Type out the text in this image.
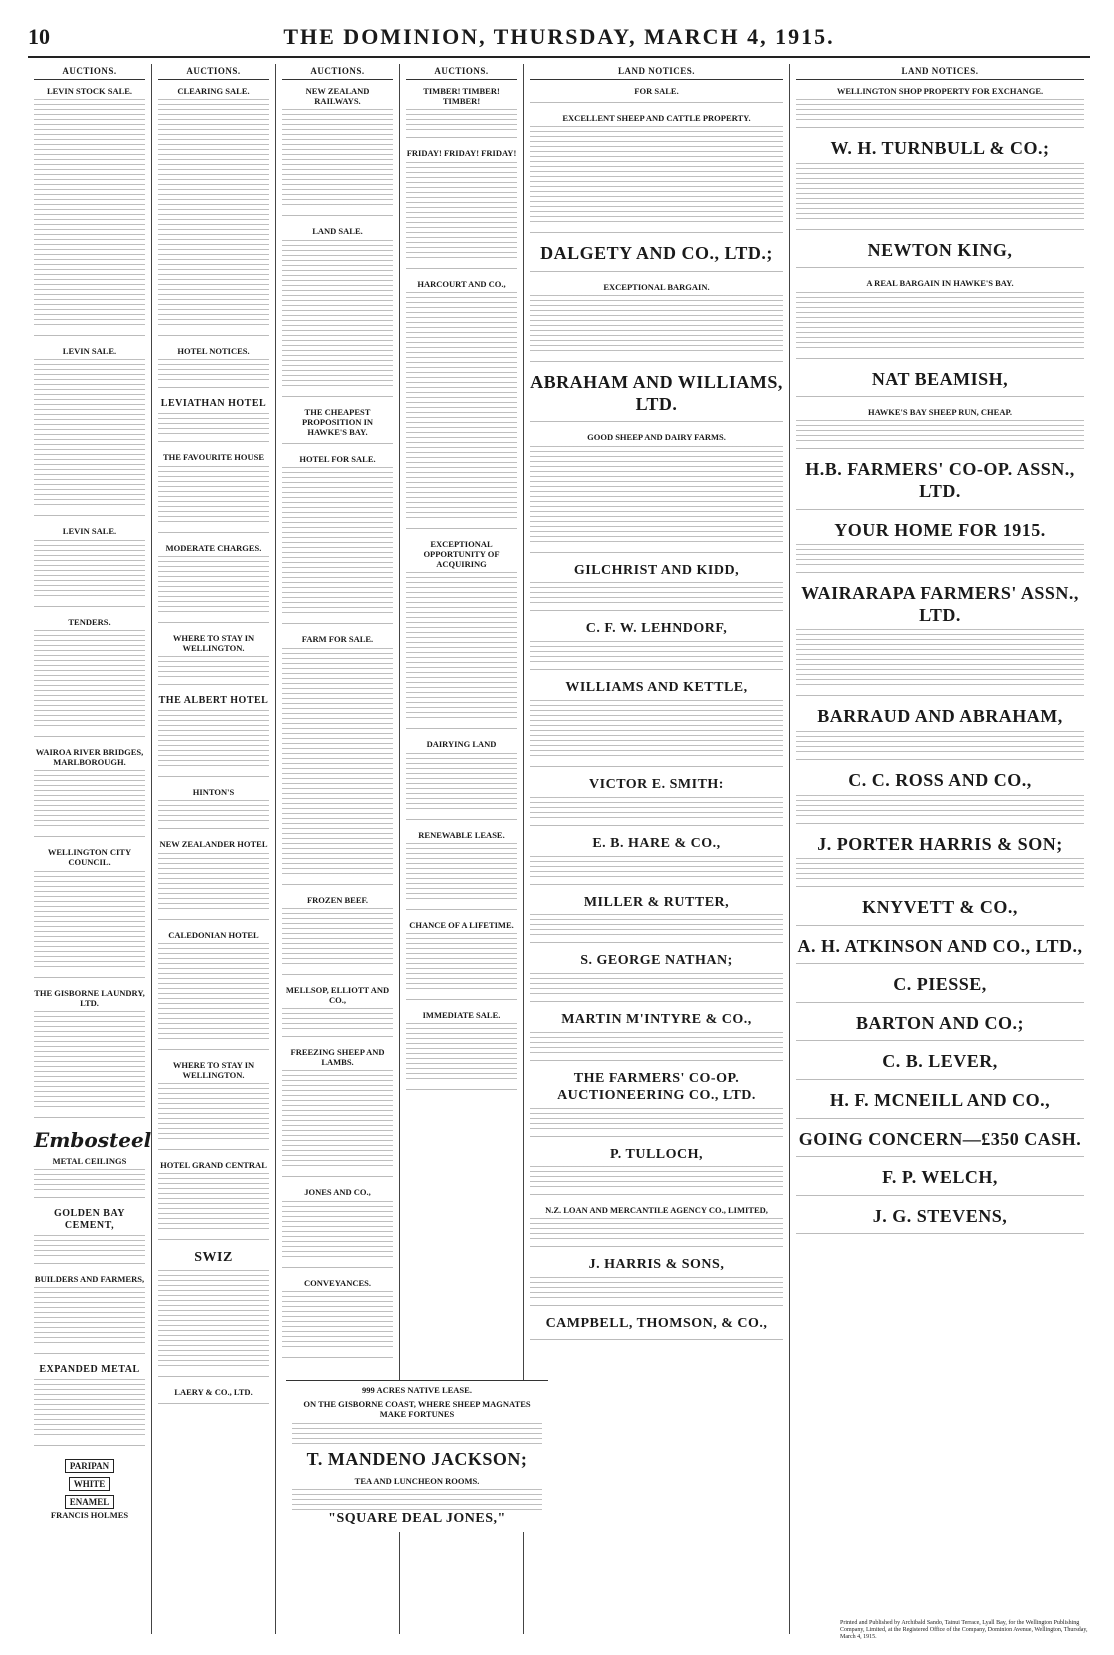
10	THE DOMINION, THURSDAY, MARCH 4, 1915.
AUCTIONS.
LEVIN STOCK SALE.
LEVIN SALE.
LEVIN SALE.
TENDERS.
WAIROA RIVER BRIDGES, MARLBOROUGH.
WELLINGTON CITY COUNCIL.
THE GISBORNE LAUNDRY, LTD.
Embosteel
METAL CEILINGS
GOLDEN BAY CEMENT,
BUILDERS AND FARMERS,
EXPANDED METAL
PARIPAN
WHITE
ENAMEL
FRANCIS HOLMES
AUCTIONS.
CLEARING SALE.
HOTEL NOTICES.
LEVIATHAN HOTEL
THE FAVOURITE HOUSE
MODERATE CHARGES.
WHERE TO STAY IN WELLINGTON.
THE ALBERT HOTEL
HINTON'S
NEW ZEALANDER HOTEL
CALEDONIAN HOTEL
WHERE TO STAY IN WELLINGTON.
HOTEL GRAND CENTRAL
SWIZ
LAERY & CO., LTD.
AUCTIONS.
NEW ZEALAND RAILWAYS.
LAND SALE.
THE CHEAPEST PROPOSITION IN HAWKE'S BAY.
HOTEL FOR SALE.
FARM FOR SALE.
FROZEN BEEF.
MELLSOP, ELLIOTT AND CO.,
FREEZING SHEEP AND LAMBS.
JONES AND CO.,
CONVEYANCES.
AUCTIONS.
TIMBER! TIMBER! TIMBER!
FRIDAY! FRIDAY! FRIDAY!
HARCOURT AND CO.,
EXCEPTIONAL OPPORTUNITY OF ACQUIRING
DAIRYING LAND
RENEWABLE LEASE.
CHANCE OF A LIFETIME.
IMMEDIATE SALE.
LAND NOTICES.
FOR SALE.
EXCELLENT SHEEP AND CATTLE PROPERTY.
DALGETY AND CO., LTD.;
EXCEPTIONAL BARGAIN.
ABRAHAM AND WILLIAMS, LTD.
GOOD SHEEP AND DAIRY FARMS.
GILCHRIST AND KIDD,
C. F. W. LEHNDORF,
WILLIAMS AND KETTLE,
VICTOR E. SMITH:
E. B. HARE & CO.,
MILLER & RUTTER,
S. GEORGE NATHAN;
MARTIN M'INTYRE & CO.,
THE FARMERS' CO-OP. AUCTIONEERING CO., LTD.
P. TULLOCH,
N.Z. LOAN AND MERCANTILE AGENCY CO., LIMITED,
J. HARRIS & SONS,
CAMPBELL, THOMSON, & CO.,
LAND NOTICES.
WELLINGTON SHOP PROPERTY FOR EXCHANGE.
W. H. TURNBULL & CO.;
NEWTON KING,
A REAL BARGAIN IN HAWKE'S BAY.
NAT BEAMISH,
HAWKE'S BAY SHEEP RUN, CHEAP.
H.B. FARMERS' CO-OP. ASSN., LTD.
YOUR HOME FOR 1915.
WAIRARAPA FARMERS' ASSN., LTD.
BARRAUD AND ABRAHAM,
C. C. ROSS AND CO.,
J. PORTER HARRIS & SON;
KNYVETT & CO.,
A. H. ATKINSON AND CO., LTD.,
C. PIESSE,
BARTON AND CO.;
C. B. LEVER,
H. F. MCNEILL AND CO.,
GOING CONCERN—£350 CASH.
F. P. WELCH,
J. G. STEVENS,
999 ACRES NATIVE LEASE.
ON THE GISBORNE COAST, WHERE SHEEP MAGNATES MAKE FORTUNES
T. MANDENO JACKSON;
TEA AND LUNCHEON ROOMS.
"SQUARE DEAL JONES,"
Printed and Published by Archibald Sando, Tainui Terrace, Lyall Bay, for the Wellington Publishing Company, Limited, at the Registered Office of the Company, Dominion Avenue, Wellington, Thursday, March 4, 1915.
